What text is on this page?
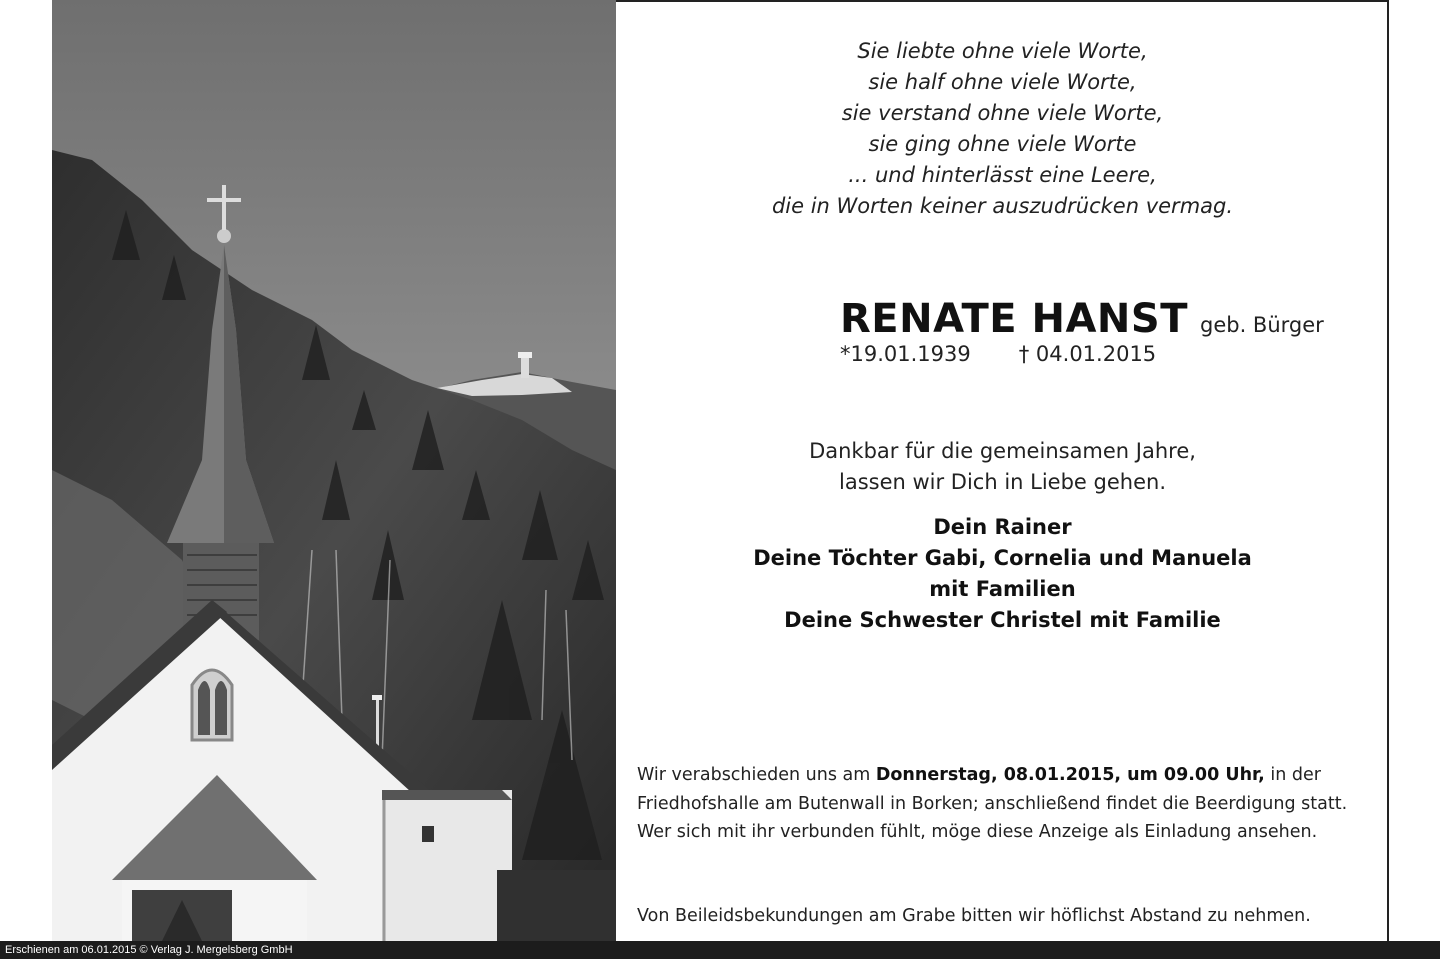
Sie liebte ohne viele Worte,
sie half ohne viele Worte,
sie verstand ohne viele Worte,
sie ging ohne viele Worte
... und hinterlässt eine Leere,
die in Worten keiner auszudrücken vermag.
RENATE HANST geb. Bürger
*19.01.1939 † 04.01.2015
Dankbar für die gemeinsamen Jahre,
lassen wir Dich in Liebe gehen.
Dein Rainer
Deine Töchter Gabi, Cornelia und Manuela
mit Familien
Deine Schwester Christel mit Familie
Wir verabschieden uns am Donnerstag, 08.01.2015, um 09.00 Uhr, in der Friedhofshalle am Butenwall in Borken; anschließend findet die Beerdigung statt. Wer sich mit ihr verbunden fühlt, möge diese Anzeige als Einladung ansehen.
Von Beileidsbekundungen am Grabe bitten wir höflichst Abstand zu nehmen.
Erschienen am 06.01.2015 © Verlag J. Mergelsberg GmbH
